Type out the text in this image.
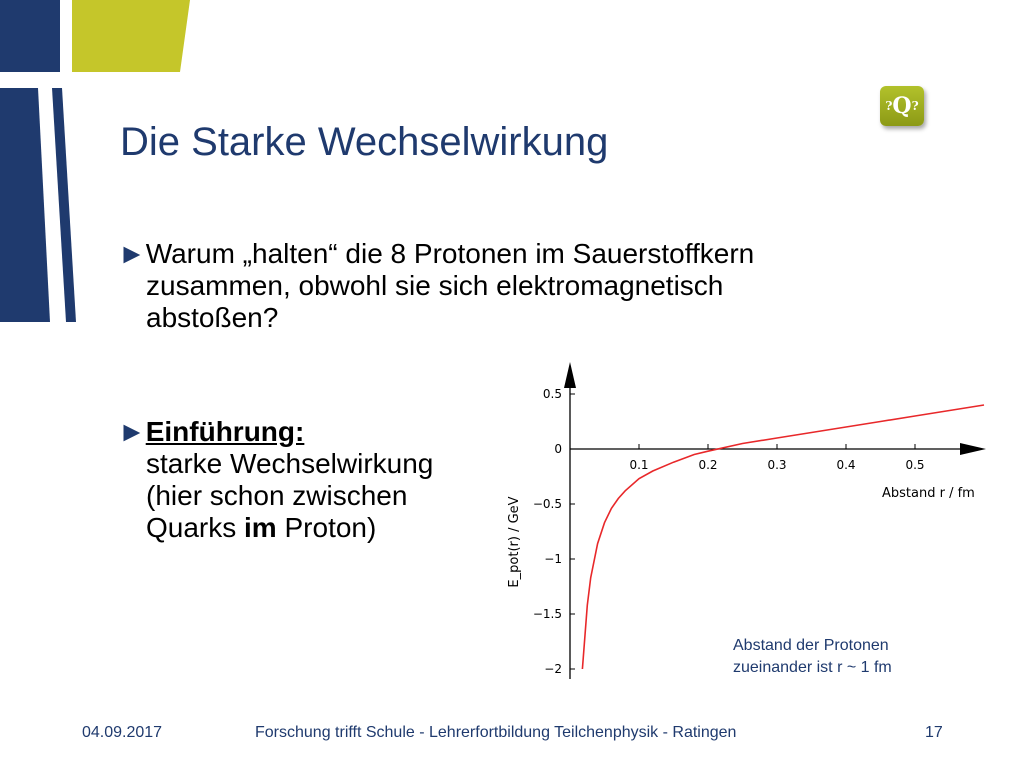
?Q?
Die Starke Wechselwirkung
►Warum „halten“ die 8 Protonen im Sauerstoffkern
zusammen, obwohl sie sich elektromagnetisch
abstoßen?
►Einführung:
starke Wechselwirkung
(hier schon zwischen
Quarks im Proton)
0.1	0.2	0.3	0.4	0.5
0.5
0
−0.5
−1
−1.5
−2
Abstand r / fm
E_pot(r) / GeV
Abstand der Protonen
zueinander ist r ~ 1 fm
04.09.2017	Forschung trifft Schule - Lehrerfortbildung Teilchenphysik - Ratingen	17
